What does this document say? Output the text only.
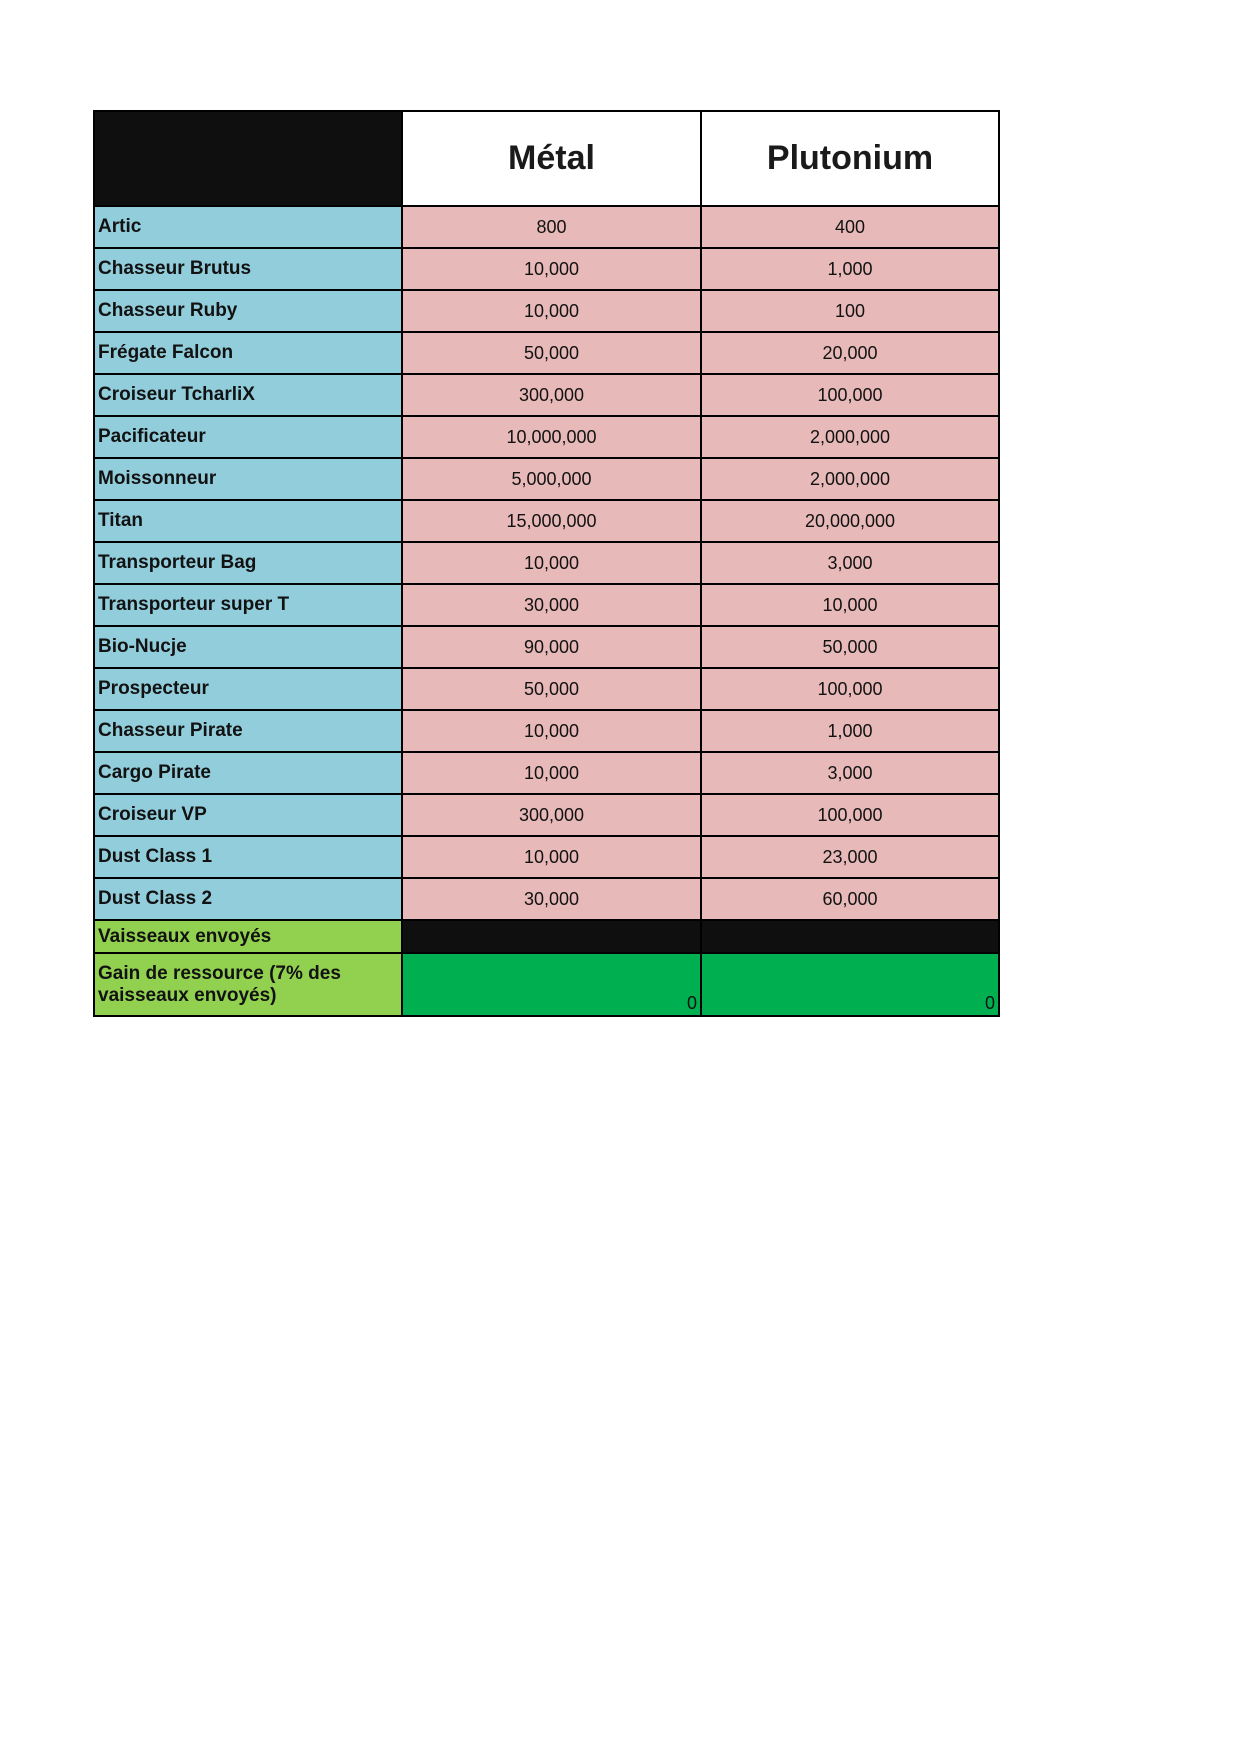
	Métal	Plutonium
Artic	800	400
Chasseur Brutus	10,000	1,000
Chasseur Ruby	10,000	100
Frégate Falcon	50,000	20,000
Croiseur TcharliX	300,000	100,000
Pacificateur	10,000,000	2,000,000
Moissonneur	5,000,000	2,000,000
Titan	15,000,000	20,000,000
Transporteur Bag	10,000	3,000
Transporteur super T	30,000	10,000
Bio-Nucje	90,000	50,000
Prospecteur	50,000	100,000
Chasseur Pirate	10,000	1,000
Cargo Pirate	10,000	3,000
Croiseur VP	300,000	100,000
Dust Class 1	10,000	23,000
Dust Class 2	30,000	60,000
Vaisseaux envoyés		
Gain de ressource (7% des vaisseaux envoyés)	0	0
